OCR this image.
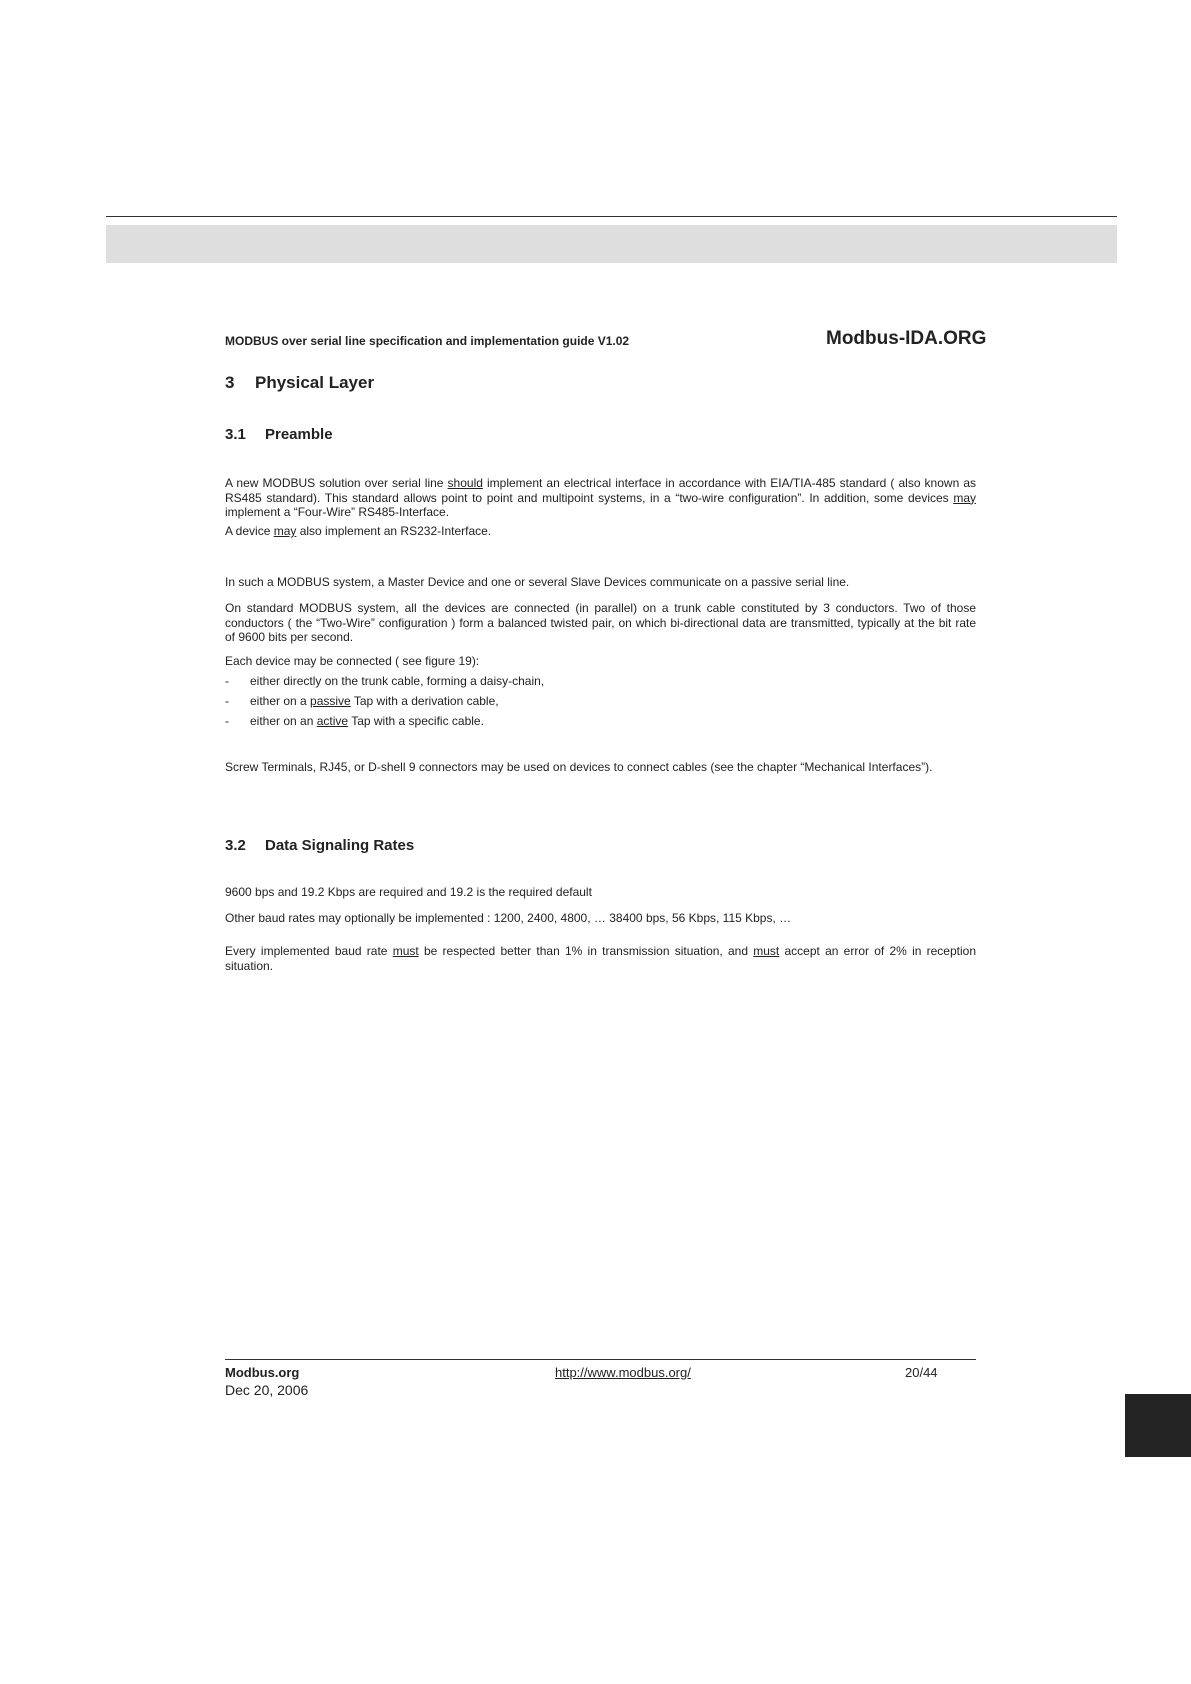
MODBUS over serial line specification and implementation guide V1.02	Modbus-IDA.ORG
3 Physical Layer
3.1 Preamble
A new MODBUS solution over serial line should implement an electrical interface in accordance with EIA/TIA-485 standard ( also known as RS485 standard). This standard allows point to point and multipoint systems, in a “two-wire configuration”. In addition, some devices may implement a “Four-Wire” RS485-Interface.
A device may also implement an RS232-Interface.
In such a MODBUS system, a Master Device and one or several Slave Devices communicate on a passive serial line.
On standard MODBUS system, all the devices are connected (in parallel) on a trunk cable constituted by 3 conductors. Two of those conductors ( the “Two-Wire” configuration ) form a balanced twisted pair, on which bi-directional data are transmitted, typically at the bit rate of 9600 bits per second.
Each device may be connected ( see figure 19):
- either directly on the trunk cable, forming a daisy-chain,
- either on a passive Tap with a derivation cable,
- either on an active Tap with a specific cable.
Screw Terminals, RJ45, or D-shell 9 connectors may be used on devices to connect cables (see the chapter “Mechanical Interfaces”).
3.2 Data Signaling Rates
9600 bps and 19.2 Kbps are required and 19.2 is the required default
Other baud rates may optionally be implemented : 1200, 2400, 4800, … 38400 bps, 56 Kbps, 115 Kbps, …
Every implemented baud rate must be respected better than 1% in transmission situation, and must accept an error of 2% in reception situation.
Modbus.org
Dec 20, 2006
http://www.modbus.org/	20/44
